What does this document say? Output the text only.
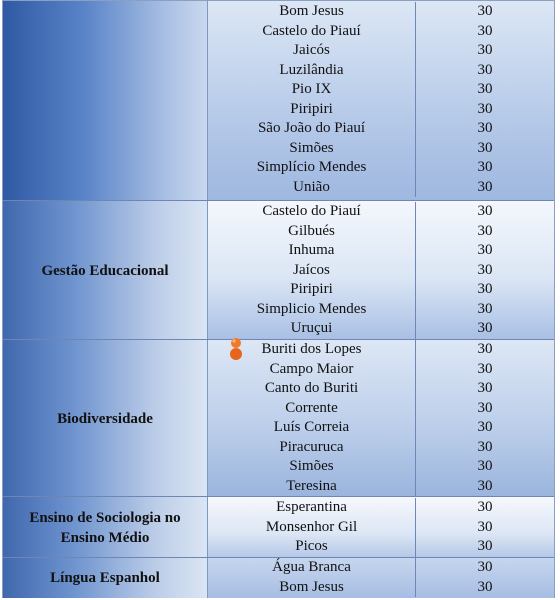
Bom Jesus	30
Castelo do Piauí	30
Jaicós	30
Luzilândia	30
Pio IX	30
Piripiri	30
São João do Piauí	30
Simões	30
Simplício Mendes	30
União	30
Gestão Educacional
Castelo do Piauí	30
Gilbués	30
Inhuma	30
Jaícos	30
Piripiri	30
Simplicio Mendes	30
Uruçui	30
Biodiversidade
Buriti dos Lopes	30
Campo Maior	30
Canto do Buriti	30
Corrente	30
Luís Correia	30
Piracuruca	30
Simões	30
Teresina	30
Ensino de Sociologia no Ensino Médio
Esperantina	30
Monsenhor Gil	30
Picos	30
Língua Espanhol
Água Branca	30
Bom Jesus	30
